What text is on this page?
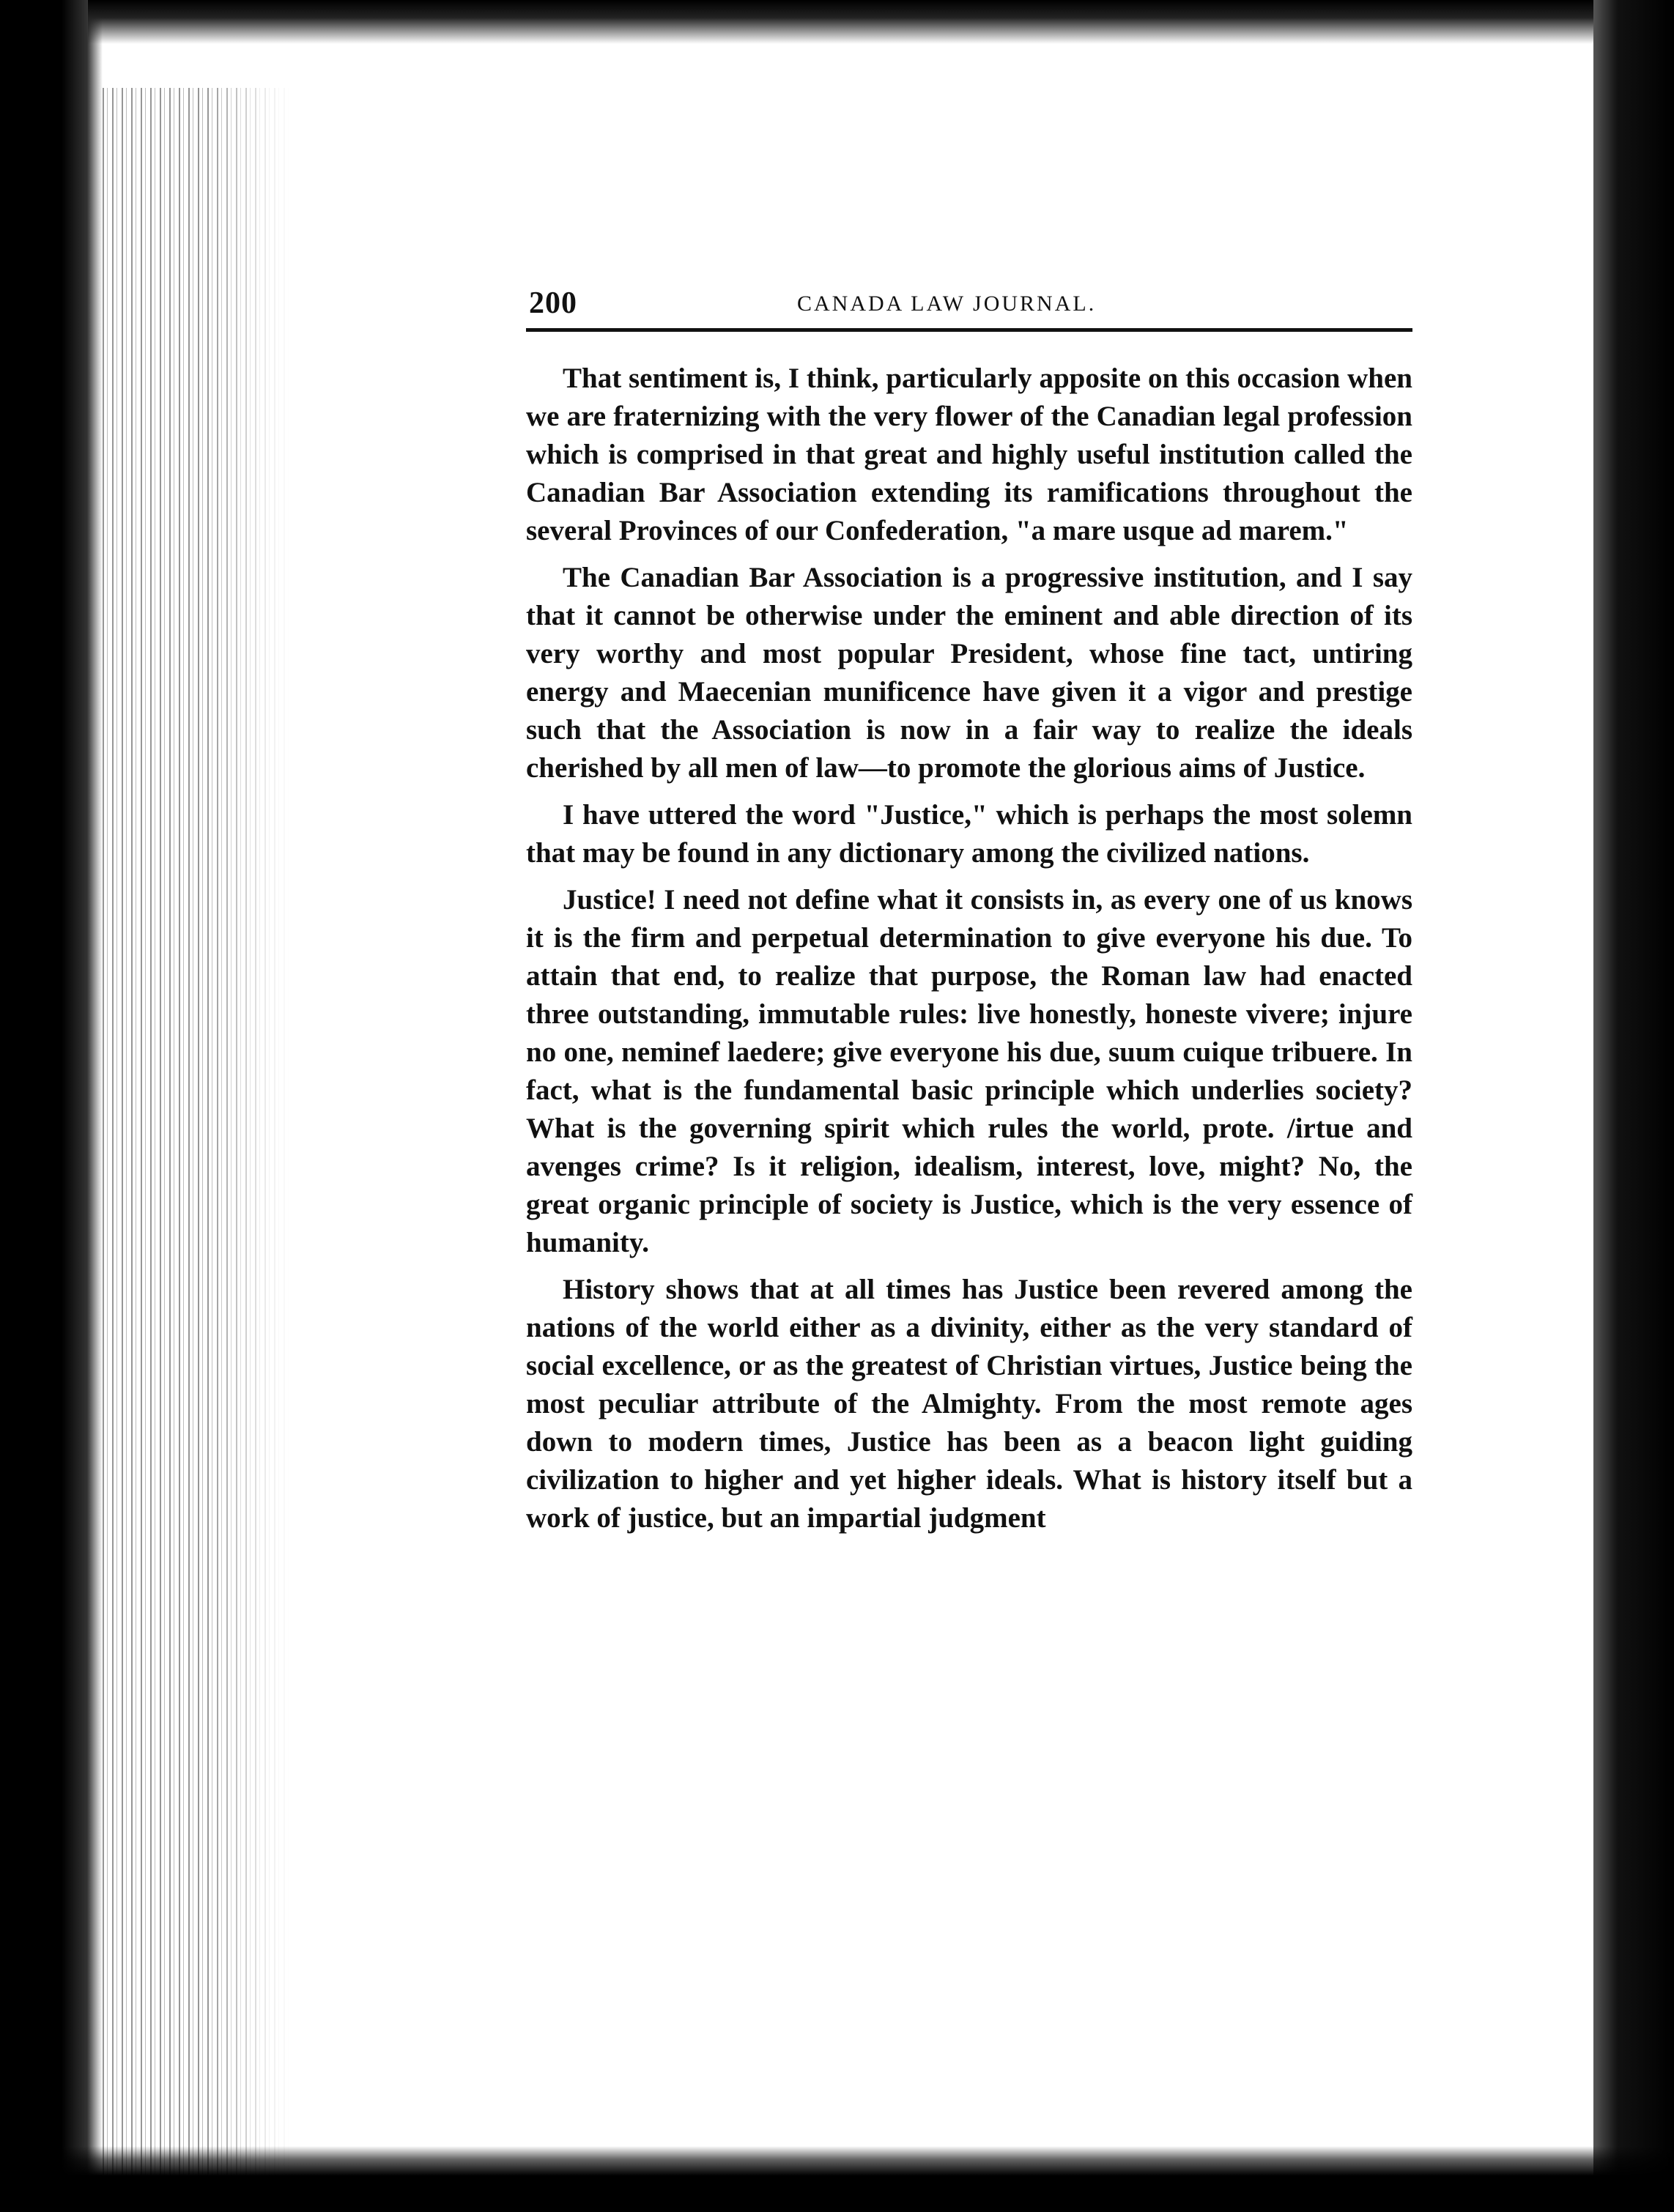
200	CANADA LAW JOURNAL.

That sentiment is, I think, particularly apposite on this occasion when we are fraternizing with the very flower of the Canadian legal profession which is comprised in that great and highly useful institution called the Canadian Bar Association extending its ramifications throughout the several Provinces of our Confederation, "a mare usque ad marem."

The Canadian Bar Association is a progressive institution, and I say that it cannot be otherwise under the eminent and able direction of its very worthy and most popular President, whose fine tact, untiring energy and Maecenian munificence have given it a vigor and prestige such that the Association is now in a fair way to realize the ideals cherished by all men of law—to promote the glorious aims of Justice.

I have uttered the word "Justice," which is perhaps the most solemn that may be found in any dictionary among the civilized nations.

Justice! I need not define what it consists in, as every one of us knows it is the firm and perpetual determination to give everyone his due. To attain that end, to realize that purpose, the Roman law had enacted three outstanding, immutable rules: live honestly, honeste vivere; injure no one, neminef laedere; give everyone his due, suum cuique tribuere. In fact, what is the fundamental basic principle which underlies society? What is the governing spirit which rules the world, prote. /irtue and avenges crime? Is it religion, idealism, interest, love, might? No, the great organic principle of society is Justice, which is the very essence of humanity.

History shows that at all times has Justice been revered among the nations of the world either as a divinity, either as the very standard of social excellence, or as the greatest of Christian virtues, Justice being the most peculiar attribute of the Almighty. From the most remote ages down to modern times, Justice has been as a beacon light guiding civilization to higher and yet higher ideals. What is history itself but a work of justice, but an impartial judgment
